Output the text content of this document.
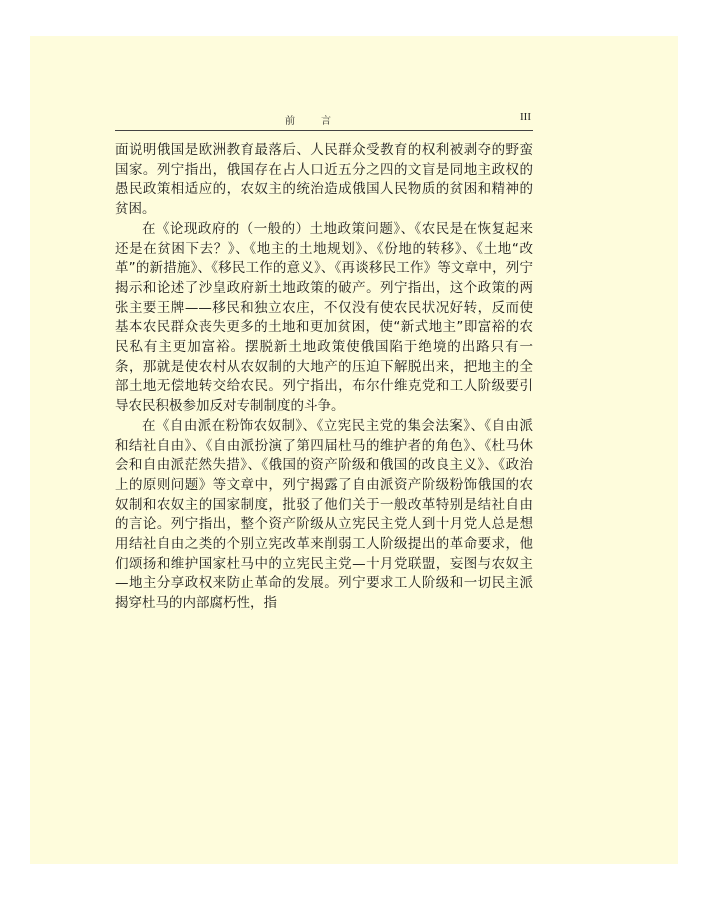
前言	III

面说明俄国是欧洲教育最落后、人民群众受教育的权利被剥夺的野蛮国家。列宁指出，俄国存在占人口近五分之四的文盲是同地主政权的愚民政策相适应的，农奴主的统治造成俄国人民物质的贫困和精神的贫困。

在《论现政府的（一般的）土地政策问题》、《农民是在恢复起来还是在贫困下去？》、《地主的土地规划》、《份地的转移》、《土地“改革”的新措施》、《移民工作的意义》、《再谈移民工作》等文章中，列宁揭示和论述了沙皇政府新土地政策的破产。列宁指出，这个政策的两张主要王牌——移民和独立农庄，不仅没有使农民状况好转，反而使基本农民群众丧失更多的土地和更加贫困，使“新式地主”即富裕的农民私有主更加富裕。摆脱新土地政策使俄国陷于绝境的出路只有一条，那就是使农村从农奴制的大地产的压迫下解脱出来，把地主的全部土地无偿地转交给农民。列宁指出，布尔什维克党和工人阶级要引导农民积极参加反对专制制度的斗争。

在《自由派在粉饰农奴制》、《立宪民主党的集会法案》、《自由派和结社自由》、《自由派扮演了第四届杜马的维护者的角色》、《杜马休会和自由派茫然失措》、《俄国的资产阶级和俄国的改良主义》、《政治上的原则问题》等文章中，列宁揭露了自由派资产阶级粉饰俄国的农奴制和农奴主的国家制度，批驳了他们关于一般改革特别是结社自由的言论。列宁指出，整个资产阶级从立宪民主党人到十月党人总是想用结社自由之类的个别立宪改革来削弱工人阶级提出的革命要求，他们颂扬和维护国家杜马中的立宪民主党—十月党联盟，妄图与农奴主—地主分享政权来防止革命的发展。列宁要求工人阶级和一切民主派揭穿杜马的内部腐朽性，指
